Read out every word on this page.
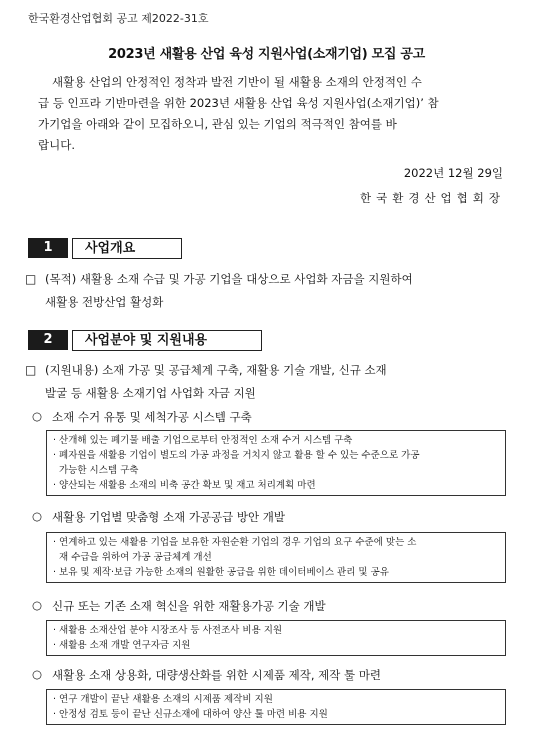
한국환경산업협회 공고 제2022-31호
2023년 새활용 산업 육성 지원사업(소재기업) 모집 공고
새활용 산업의 안정적인 정착과 발전 기반이 될 새활용 소재의 안정적인 수
급 등 인프라 기반마련을 위한 2023년 새활용 산업 육성 지원사업(소재기업)’ 참
가기업을 아래와 같이 모집하오니, 관심 있는 기업의 적극적인 참여를 바
랍니다.
2022년 12월 29일
한국환경산업협회장
1	사업개요
□ (목적) 새활용 소재 수급 및 가공 기업을 대상으로 사업화 자금을 지원하여
새활용 전방산업 활성화
2	사업분야 및 지원내용
□ (지원내용) 소재 가공 및 공급체계 구축, 재활용 기술 개발, 신규 소재
발굴 등 새활용 소재기업 사업화 자금 지원
○ 소재 수거 유통 및 세척가공 시스템 구축
· 산개해 있는 폐기물 배출 기업으로부터 안정적인 소재 수거 시스템 구축
· 폐자원을 새활용 기업이 별도의 가공 과정을 거치지 않고 활용 할 수 있는 수준으로 가공
가능한 시스템 구축
· 양산되는 새활용 소재의 비축 공간 확보 및 재고 처리계획 마련
○ 새활용 기업별 맞춤형 소재 가공공급 방안 개발
· 연계하고 있는 새활용 기업을 보유한 자원순환 기업의 경우 기업의 요구 수준에 맞는 소
재 수급을 위하여 가공 공급체계 개선
· 보유 및 제작·보급 가능한 소재의 원활한 공급을 위한 데이터베이스 관리 및 공유
○ 신규 또는 기존 소재 혁신을 위한 재활용가공 기술 개발
· 새활용 소재산업 분야 시장조사 등 사전조사 비용 지원
· 새활용 소재 개발 연구자금 지원
○ 새활용 소재 상용화, 대량생산화를 위한 시제품 제작, 제작 툴 마련
· 연구 개발이 끝난 새활용 소재의 시제품 제작비 지원
· 안정성 검토 등이 끝난 신규소재에 대하여 양산 툴 마련 비용 지원
